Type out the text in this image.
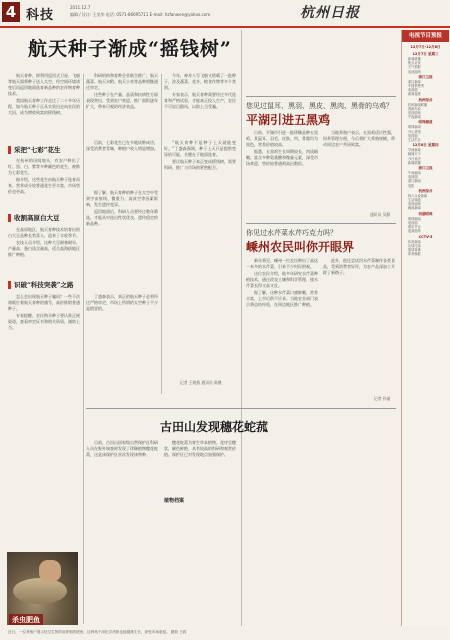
4 科技
2011.12.7
编辑 / 设计: 王美华 电话: 0571-86695711 E-mail: hzfanwen@yahoo.com	杭州日报
航天种子渐成“摇钱树”

航天育种，即利用返回式卫星、飞船等航天器将种子送入太空，经空间环境诱变后再返回地面选育新品种的农作物育种技术。

我国航天育种工作走过了二十多年历程，如今航天种子正从实验田走向农民的大田，成为增收致富的摇钱树。

科研机构和育种企业联合推广，航天蔬菜、航天水稻、航天小麦等品种相继通过审定。

这些种子在产量、品质和抗病性方面表现突出，受到农户欢迎，推广面积逐年扩大，带来可观的经济效益。

今年，神舟八号飞船又搭载了一批种子，涉及蔬菜、花卉、粮食作物等多个类别。

专家表示，航天育种需要经过多代选育和严格试验，才能真正投入生产，农民不可盲目跟风，以防上当受骗。

采把“七彩”花生

在杭州的田间地头，有农户种出了红、黑、白、紫等多种颜色的花生，被称为七彩花生。

据介绍，这些花生由航天种子选育而来，营养成分较普通花生更丰富，市场售价也更高。

目前，七彩花生已在多地试种成功，深受消费者青睐，种植户收入明显增加。

收割高原白大豆

在高原地区，航天育种技术培育出的白大豆品种长势喜人，迎来了丰收季节。

农技人员介绍，这种大豆耐寒耐旱，产量高、蛋白质含量高，适合高海拔地区推广种植。

识破“科技突袭”之路

怎么会出现航天种子骗局？一些不法商贩打着航天育种的旗号，高价推销普通种子。

专家提醒，农民购买种子要认准正规渠道，查看审定证书和相关资质，谨防上当。

丁盛森表示，真正的航天种子必须经过严格审定，市场上所谓的太空种子不少是假冒的。

据了解，航天育种的种子在太空中受到宇宙射线、微重力、高真空等因素影响，发生遗传变异。

返回地面后，科研人员要经过数年筛选，才能从中选出性状优良、遗传稳定的新品种。

“航天育种不是种子上天就能变好。”丁盛森强调，种子上天只是提供变异的可能，关键在于地面选育。

要让航天种子真正变成摇钱树，需要科研、推广与市场的紧密配合。

记者 王晓燕 通讯员 陈健
您见过鼠耳、黑羽、黑皮、黑肉、黑骨的乌鸡？
平湖引进五黑鸡

日前，平湖市引进一批珍稀品种五黑鸡，其鼠耳、羽毛、皮肤、肉、骨骼均为黑色，营养价值较高。

据悉，五黑鸡生长周期较长，肉质细嫩，富含多种氨基酸和微量元素，深受市场欢迎，售价较普通鸡高出数倍。

当地养殖户表示，五黑鸡适应性强，饲养管理方便，今后将扩大养殖规模，带动周边农户共同致富。

通讯员 吴静
你见过水芹菜水芹巧克力吗？
嵊州农民叫你开眼界

新年将至，嵊州一位农民种出了高达一米多的水芹菜，引来不少村民围观。

这位农民介绍，他多年研究水芹菜种植技术，通过改良土壤和科学管理，使水芹菜长得又高又壮。

据了解，这种水芹菜口感鲜嫩，营养丰富，上市后供不应求。当地农业部门表示将总结经验，在周边地区推广种植。

此外，他还尝试用水芹菜制作各类食品，受到消费者好评，为农产品深加工开辟了新路子。

记者 孙丽
古田山发现穗花蛇菰

日前，古田山国家级自然保护区科研人员在野外调查时发现了珍稀植物穗花蛇菰，这是该保护区首次发现该物种。

穗花蛇菰为寄生草本植物，花序呈穗状，颜色鲜艳，具有较高的科研和观赏价值。保护区已对发现地点加强保护。

植物档案
杀虫肥鱼
近日，一位养殖户展示经过生物防治养殖的肥鱼，这种鱼不用化学药物也能健康生长，深受市场欢迎。 摄影 王莉
电视节目预报
12月7日-12月8日
12月7日 星期三
新闻联播
焦点访谈
天气预报
电视剧场
浙江卫视
浙江新闻
中国梦想秀
电视剧
新闻夜班
杭州综合
杭州新闻联播
我和你说
电视剧场
午夜新闻
明珠频道
明珠新闻
开心茶馆
电视剧
生活栏目
12月8日 星期四
早间新闻
朝闻天下
今日说法
新闻联播
浙江卫视
午间新闻
电视剧
浙江新闻
电影
杭州综合
阿六头说新闻
生活频道
电视剧场
晚间新闻
西湖明珠
明珠新闻
电视剧
娱乐节目
夜间剧场
CCTV-5
体育新闻
足球比赛
篮球赛事
体育晚报
